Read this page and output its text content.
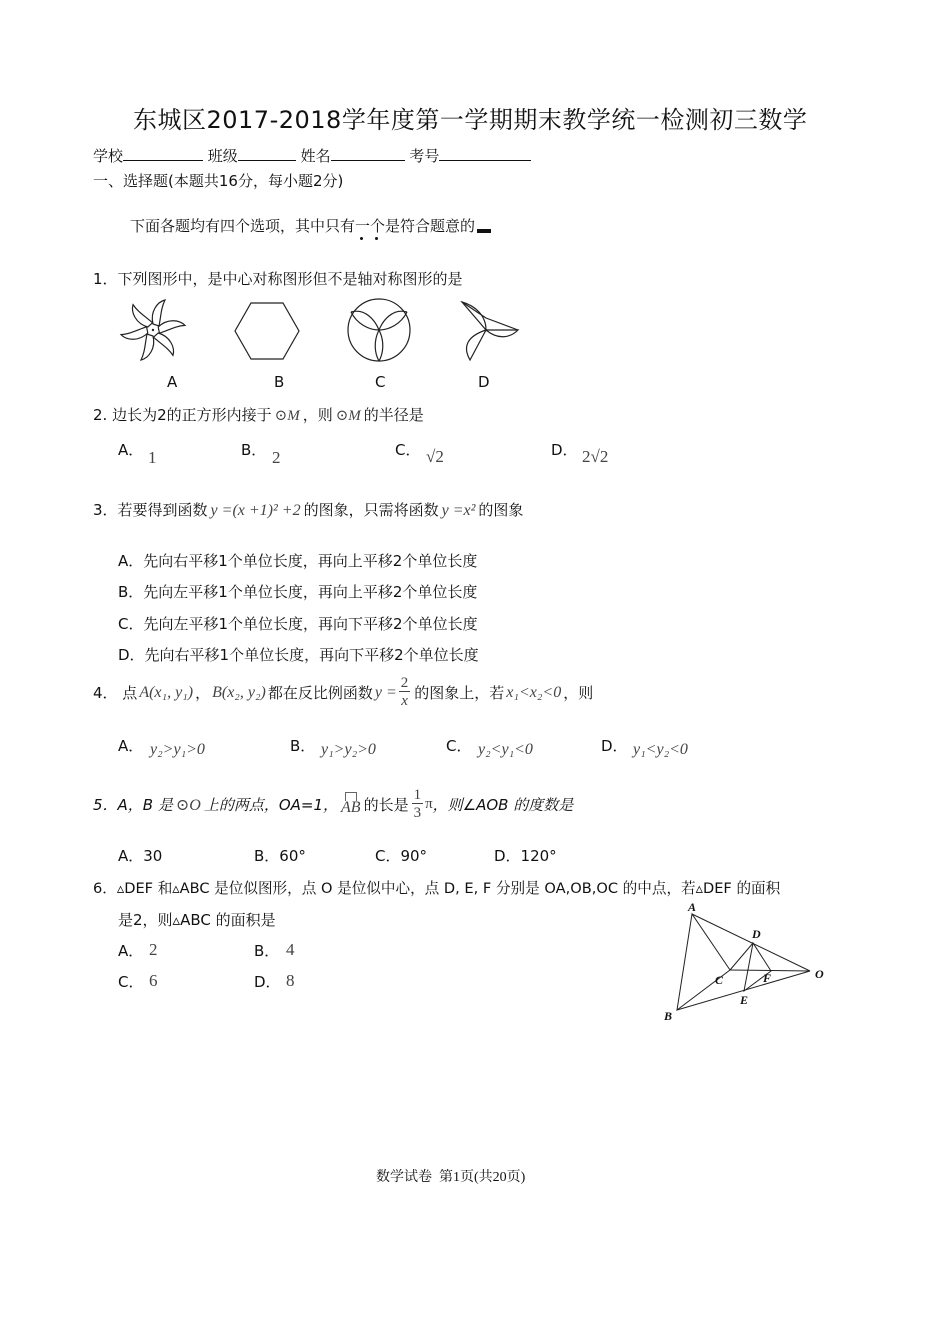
东城区2017-2018学年度第一学期期末教学统一检测初三数学
学校	班级	姓名	考号
一、选择题(本题共16分，每小题2分)
下面各题均有四个选项，其中只有一个
是符合题意的
1．下列图形中，是中心对称图形但不是轴对称图形的是
A	B	C	D
2. 边长为2的正方形内接于 ⊙M ，则 ⊙M 的半径是
A． 1	B． 2	C． √2	D． 2√2
3．若要得到函数 y =(x +1)² +2 的图象，只需将函数 y =x² 的图象
A．先向右平移1个单位长度，再向上平移2个单位长度
B．先向左平移1个单位长度，再向上平移2个单位长度
C．先向左平移1个单位长度，再向下平移2个单位长度
D．先向右平移1个单位长度，再向下平移2个单位长度
4． 点 A(x₁, y₁) ， B(x₂, y₂) 都在反比例函数 $y = \frac{2}{x}$ 的图象上，若 x₁<x₂<0 ，则
A． y₂>y₁>0	B． y₁>y₂>0	C． y₂<y₁<0	D． y₁<y₂<0
5．A，B 是 ⊙O 上的两点，OA=1， AB 的长是 $\frac{1}{3}$ π ，则∠AOB 的度数是
A．30	B．60°	C．90°	D．120°
6．▵DEF 和▵ABC 是位似图形，点 O 是位似中心，点 D, E, F 分别是 OA,OB,OC 的中点，若▵DEF 的面积
是2，则▵ABC 的面积是
A． 2	B． 4
C． 6	D． 8
A
B
C
D
E
F	O
数学试卷  第1页(共20页)
